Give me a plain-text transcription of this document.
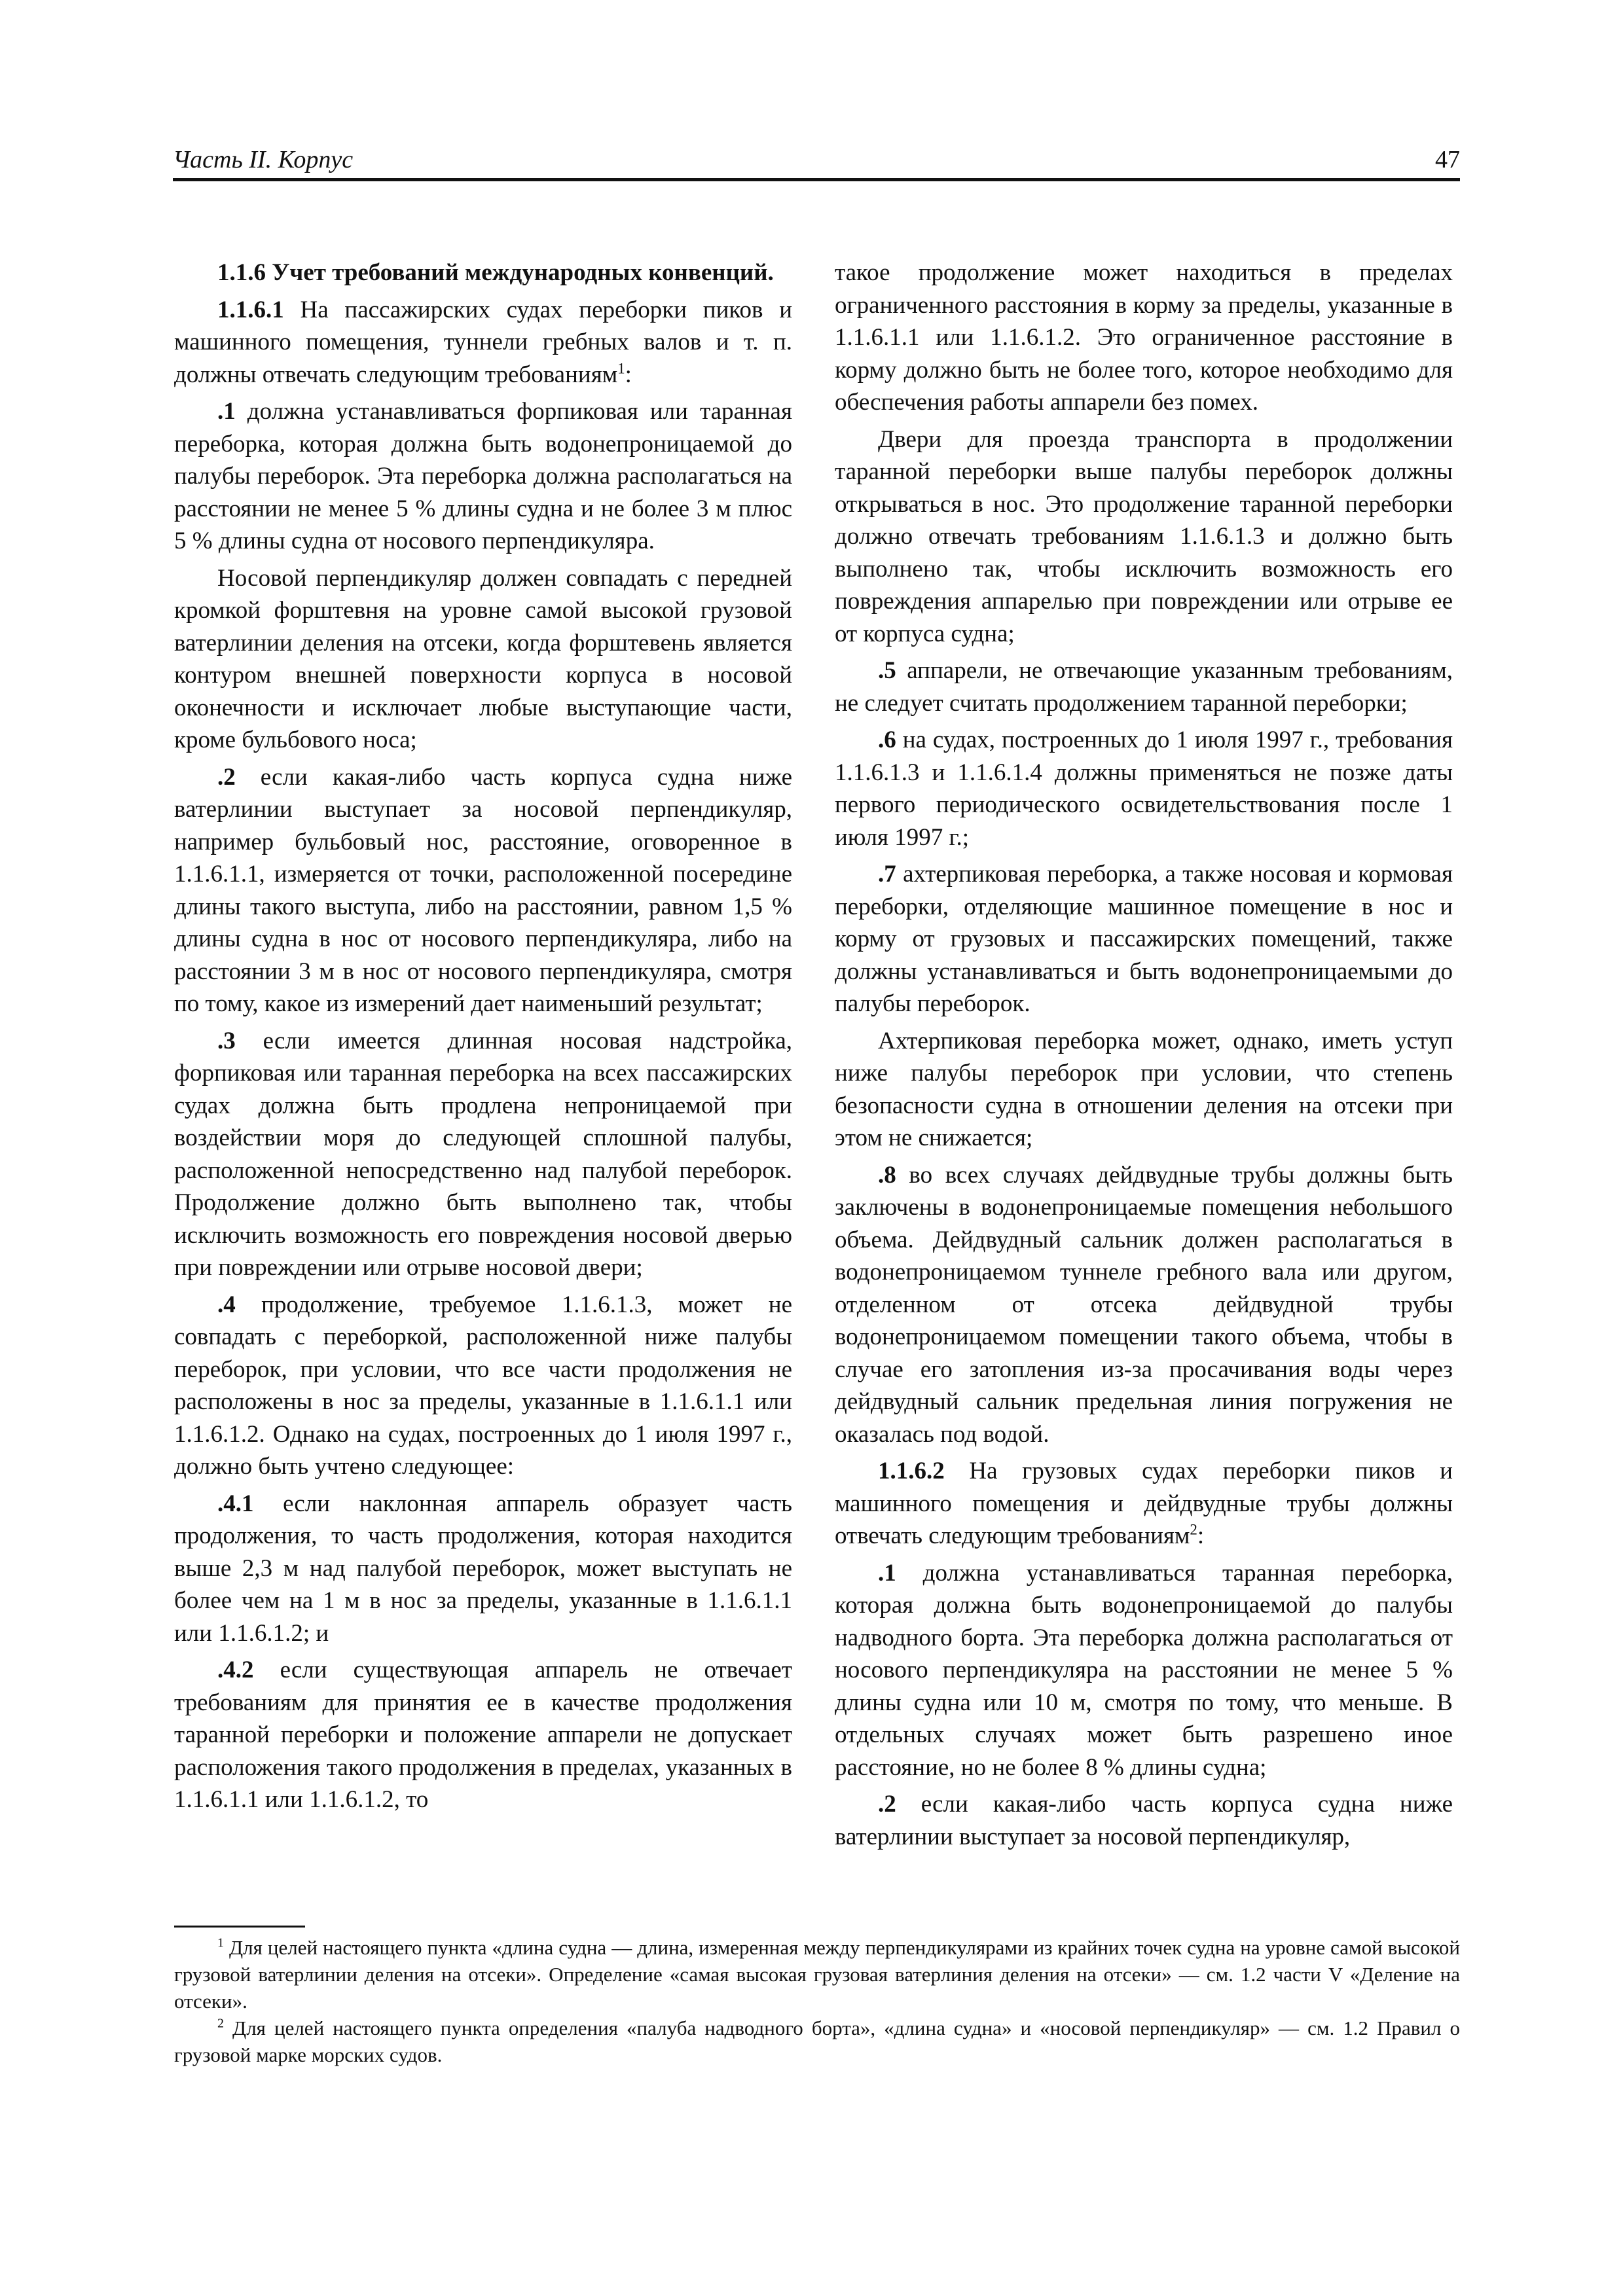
Часть II. Корпус	47

1.1.6 Учет требований международных конвенций.

1.1.6.1 На пассажирских судах переборки пиков и машинного помещения, туннели гребных валов и т. п. должны отвечать следующим требованиям$^1$:

.1 должна устанавливаться форпиковая или таранная переборка, которая должна быть водонепроницаемой до палубы переборок. Эта переборка должна располагаться на расстоянии не менее 5 % длины судна и не более 3 м плюс 5 % длины судна от носового перпендикуляра.

Носовой перпендикуляр должен совпадать с передней кромкой форштевня на уровне самой высокой грузовой ватерлинии деления на отсеки, когда форштевень является контуром внешней поверхности корпуса в носовой оконечности и исключает любые выступающие части, кроме бульбового носа;

.2 если какая-либо часть корпуса судна ниже ватерлинии выступает за носовой перпендикуляр, например бульбовый нос, расстояние, оговоренное в 1.1.6.1.1, измеряется от точки, расположенной посередине длины такого выступа, либо на расстоянии, равном 1,5 % длины судна в нос от носового перпендикуляра, либо на расстоянии 3 м в нос от носового перпендикуляра, смотря по тому, какое из измерений дает наименьший результат;

.3 если имеется длинная носовая надстройка, форпиковая или таранная переборка на всех пассажирских судах должна быть продлена непроницаемой при воздействии моря до следующей сплошной палубы, расположенной непосредственно над палубой переборок. Продолжение должно быть выполнено так, чтобы исключить возможность его повреждения носовой дверью при повреждении или отрыве носовой двери;

.4 продолжение, требуемое 1.1.6.1.3, может не совпадать с переборкой, расположенной ниже палубы переборок, при условии, что все части продолжения не расположены в нос за пределы, указанные в 1.1.6.1.1 или 1.1.6.1.2. Однако на судах, построенных до 1 июля 1997 г., должно быть учтено следующее:

.4.1 если наклонная аппарель образует часть продолжения, то часть продолжения, которая находится выше 2,3 м над палубой переборок, может выступать не более чем на 1 м в нос за пределы, указанные в 1.1.6.1.1 или 1.1.6.1.2; и

.4.2 если существующая аппарель не отвечает требованиям для принятия ее в качестве продолжения таранной переборки и положение аппарели не допускает расположения такого продолжения в пределах, указанных в 1.1.6.1.1 или 1.1.6.1.2, то

такое продолжение может находиться в пределах ограниченного расстояния в корму за пределы, указанные в 1.1.6.1.1 или 1.1.6.1.2. Это ограниченное расстояние в корму должно быть не более того, которое необходимо для обеспечения работы аппарели без помех.

Двери для проезда транспорта в продолжении таранной переборки выше палубы переборок должны открываться в нос. Это продолжение таранной переборки должно отвечать требованиям 1.1.6.1.3 и должно быть выполнено так, чтобы исключить возможность его повреждения аппарелью при повреждении или отрыве ее от корпуса судна;

.5 аппарели, не отвечающие указанным требованиям, не следует считать продолжением таранной переборки;

.6 на судах, построенных до 1 июля 1997 г., требования 1.1.6.1.3 и 1.1.6.1.4 должны применяться не позже даты первого периодического освидетельствования после 1 июля 1997 г.;

.7 ахтерпиковая переборка, а также носовая и кормовая переборки, отделяющие машинное помещение в нос и корму от грузовых и пассажирских помещений, также должны устанавливаться и быть водонепроницаемыми до палубы переборок.

Ахтерпиковая переборка может, однако, иметь уступ ниже палубы переборок при условии, что степень безопасности судна в отношении деления на отсеки при этом не снижается;

.8 во всех случаях дейдвудные трубы должны быть заключены в водонепроницаемые помещения небольшого объема. Дейдвудный сальник должен располагаться в водонепроницаемом туннеле гребного вала или другом, отделенном от отсека дейдвудной трубы водонепроницаемом помещении такого объема, чтобы в случае его затопления из-за просачивания воды через дейдвудный сальник предельная линия погружения не оказалась под водой.

1.1.6.2 На грузовых судах переборки пиков и машинного помещения и дейдвудные трубы должны отвечать следующим требованиям$^2$:

.1 должна устанавливаться таранная переборка, которая должна быть водонепроницаемой до палубы надводного борта. Эта переборка должна располагаться от носового перпендикуляра на расстоянии не менее 5 % длины судна или 10 м, смотря по тому, что меньше. В отдельных случаях может быть разрешено иное расстояние, но не более 8 % длины судна;

.2 если какая-либо часть корпуса судна ниже ватерлинии выступает за носовой перпендикуляр,

$^1$ Для целей настоящего пункта «длина судна — длина, измеренная между перпендикулярами из крайних точек судна на уровне самой высокой грузовой ватерлинии деления на отсеки». Определение «самая высокая грузовая ватерлиния деления на отсеки» — см. 1.2 части V «Деление на отсеки».

$^2$ Для целей настоящего пункта определения «палуба надводного борта», «длина судна» и «носовой перпендикуляр» — см. 1.2 Правил о грузовой марке морских судов.
